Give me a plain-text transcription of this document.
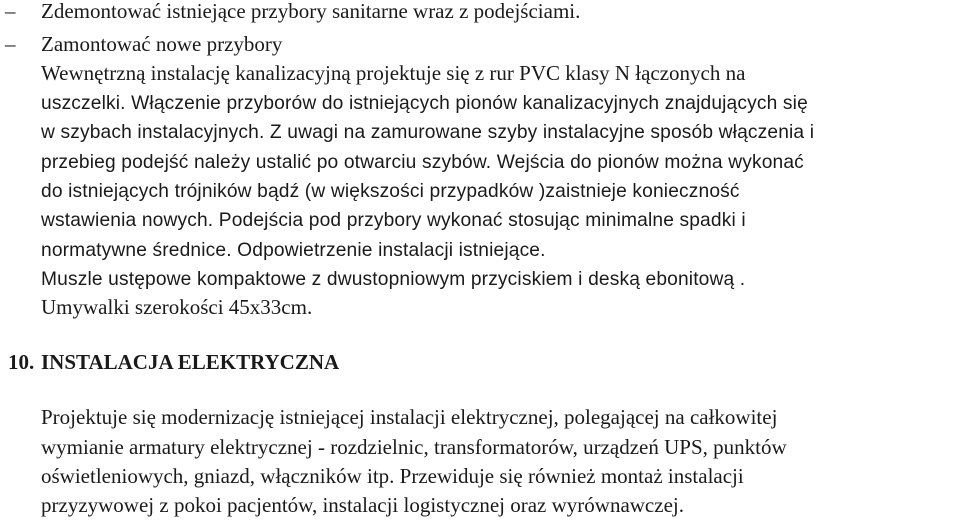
– Zdemontować istniejące przybory sanitarne wraz z podejściami.
– Zamontować nowe przybory
Wewnętrzną instalację kanalizacyjną projektuje się z rur PVC klasy N łączonych na
uszczelki. Włączenie przyborów do istniejących pionów kanalizacyjnych znajdujących się
w szybach instalacyjnych. Z uwagi na zamurowane szyby instalacyjne sposób włączenia i
przebieg podejść należy ustalić po otwarciu szybów. Wejścia do pionów można wykonać
do istniejących trójników bądź (w większości przypadków )zaistnieje konieczność
wstawienia nowych. Podejścia pod przybory wykonać stosując minimalne spadki i
normatywne średnice. Odpowietrzenie instalacji istniejące.
Muszle ustępowe kompaktowe z dwustopniowym przyciskiem i deską ebonitową .
Umywalki szerokości 45x33cm.
10. INSTALACJA ELEKTRYCZNA
Projektuje się modernizację istniejącej instalacji elektrycznej, polegającej na całkowitej
wymianie armatury elektrycznej - rozdzielnic, transformatorów, urządzeń UPS, punktów
oświetleniowych, gniazd, włączników itp. Przewiduje się również montaż instalacji
przyzywowej z pokoi pacjentów, instalacji logistycznej oraz wyrównawczej.
